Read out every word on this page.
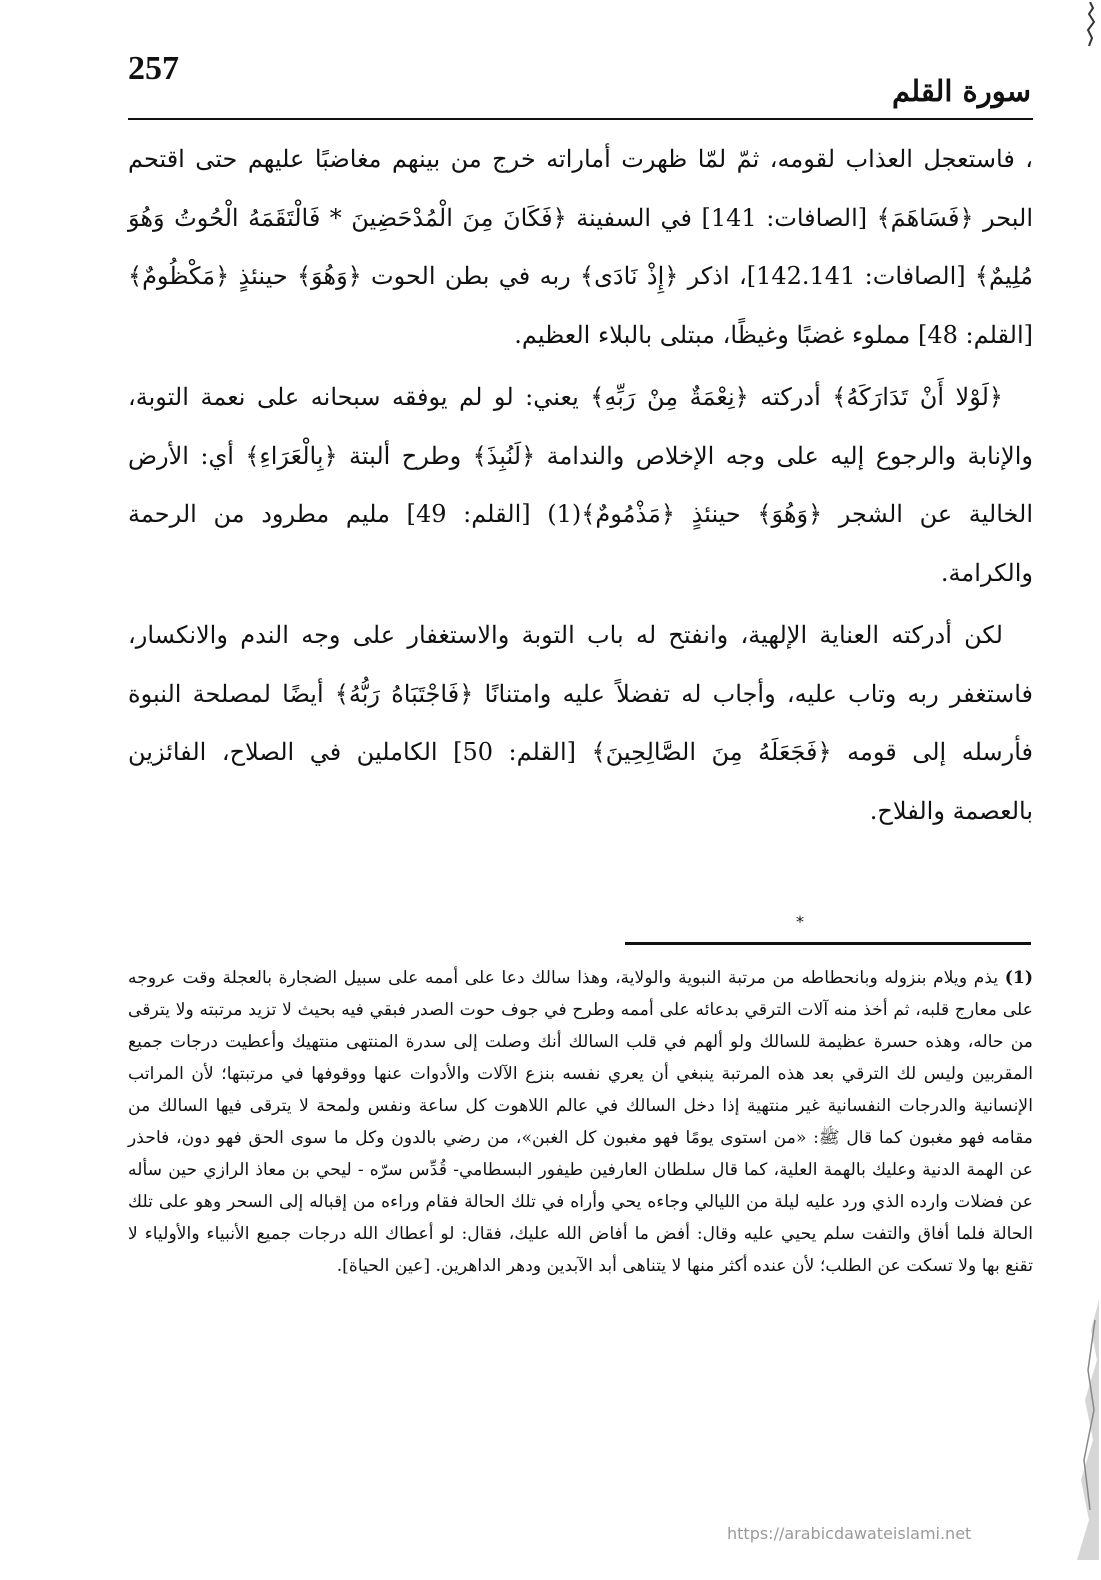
257
سورة القلم

، فاستعجل العذاب لقومه، ثمّ لمّا ظهرت أماراته خرج من بينهم مغاضبًا عليهم حتى اقتحم البحر ﴿فَسَاهَمَ﴾ [الصافات: 141] في السفينة ﴿فَكَانَ مِنَ الْمُدْحَضِينَ * فَالْتَقَمَهُ الْحُوتُ وَهُوَ مُلِيمٌ﴾ [الصافات: 142.141]، اذكر ﴿إِذْ نَادَى﴾ ربه في بطن الحوت ﴿وَهُوَ﴾ حينئذٍ ﴿مَكْظُومٌ﴾ [القلم: 48] مملوء غضبًا وغيظًا، مبتلى بالبلاء العظيم.

﴿لَوْلا أَنْ تَدَارَكَهُ﴾ أدركته ﴿نِعْمَةٌ مِنْ رَبِّهِ﴾ يعني: لو لم يوفقه سبحانه على نعمة التوبة، والإنابة والرجوع إليه على وجه الإخلاص والندامة ﴿لَنُبِذَ﴾ وطرح ألبتة ﴿بِالْعَرَاءِ﴾ أي: الأرض الخالية عن الشجر ﴿وَهُوَ﴾ حينئذٍ ﴿مَذْمُومٌ﴾(1) [القلم: 49] مليم مطرود من الرحمة والكرامة.

لكن أدركته العناية الإلهية، وانفتح له باب التوبة والاستغفار على وجه الندم والانكسار، فاستغفر ربه وتاب عليه، وأجاب له تفضلاً عليه وامتنانًا ﴿فَاجْتَبَاهُ رَبُّهُ﴾ أيضًا لمصلحة النبوة فأرسله إلى قومه ﴿فَجَعَلَهُ مِنَ الصَّالِحِينَ﴾ [القلم: 50] الكاملين في الصلاح، الفائزين بالعصمة والفلاح.

*
(1) يذم ويلام بنزوله وبانحطاطه من مرتبة النبوية والولاية، وهذا سالك دعا على أممه على سبيل الضجارة بالعجلة وقت عروجه على معارج قلبه، ثم أخذ منه آلات الترقي بدعائه على أممه وطرح في جوف حوت الصدر فبقي فيه بحيث لا تزيد مرتبته ولا يترقى من حاله، وهذه حسرة عظيمة للسالك ولو ألهم في قلب السالك أنك وصلت إلى سدرة المنتهى منتهيك وأعطيت درجات جميع المقربين وليس لك الترقي بعد هذه المرتبة ينبغي أن يعري نفسه بنزع الآلات والأدوات عنها ووقوفها في مرتبتها؛ لأن المراتب الإنسانية والدرجات النفسانية غير منتهية إذا دخل السالك في عالم اللاهوت كل ساعة ونفس ولمحة لا يترقى فيها السالك من مقامه فهو مغبون كما قال ﷺ: «من استوى يومًا فهو مغبون كل الغبن»، من رضي بالدون وكل ما سوى الحق فهو دون، فاحذر عن الهمة الدنية وعليك بالهمة العلية، كما قال سلطان العارفين طيفور البسطامي- قُدِّس سرّه - ليحي بن معاذ الرازي حين سأله عن فضلات وارده الذي ورد عليه ليلة من الليالي وجاءه يحي وأراه في تلك الحالة فقام وراءه من إقباله إلى السحر وهو على تلك الحالة فلما أفاق والتفت سلم يحيي عليه وقال: أفض ما أفاض الله عليك، فقال: لو أعطاك الله درجات جميع الأنبياء والأولياء لا تقنع بها ولا تسكت عن الطلب؛ لأن عنده أكثر منها لا يتناهى أبد الآبدين ودهر الداهرين. [عين الحياة].
https://arabicdawateislami.net
